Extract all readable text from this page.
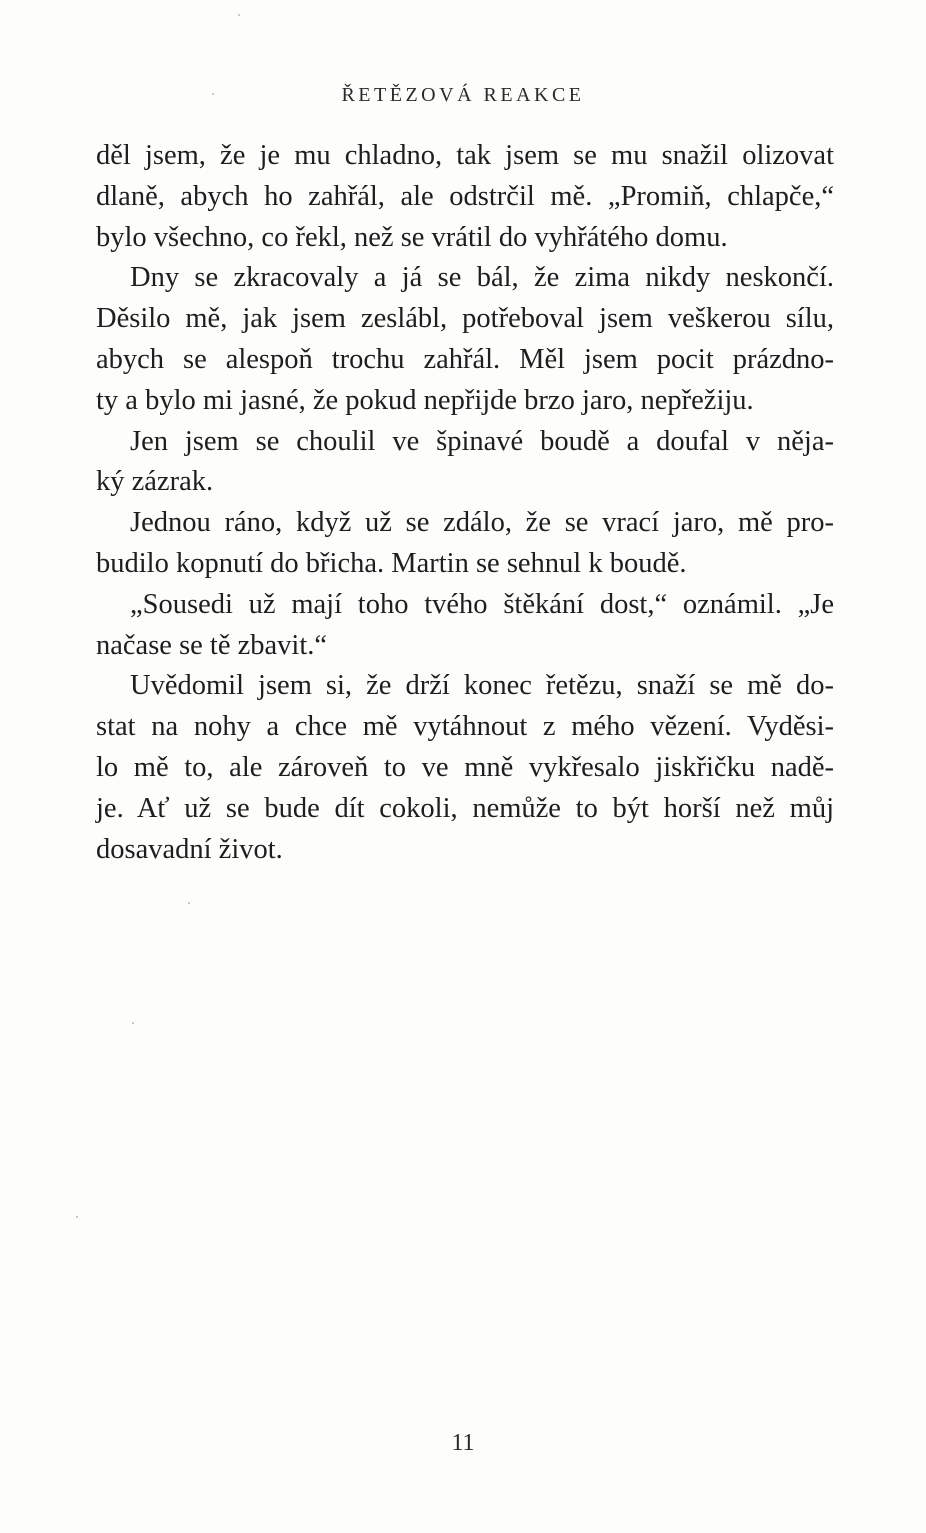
ŘETĚZOVÁ REAKCE
děl jsem, že je mu chladno, tak jsem se mu snažil olizovat
dlaně, abych ho zahřál, ale odstrčil mě. „Promiň, chlapče,“
bylo všechno, co řekl, než se vrátil do vyhřátého domu.
Dny se zkracovaly a já se bál, že zima nikdy neskončí.
Děsilo mě, jak jsem zeslábl, potřeboval jsem veškerou sílu,
abych se alespoň trochu zahřál. Měl jsem pocit prázdno-
ty a bylo mi jasné, že pokud nepřijde brzo jaro, nepřežiju.
Jen jsem se choulil ve špinavé boudě a doufal v něja-
ký zázrak.
Jednou ráno, když už se zdálo, že se vrací jaro, mě pro-
budilo kopnutí do břicha. Martin se sehnul k boudě.
„Sousedi už mají toho tvého štěkání dost,“ oznámil. „Je
načase se tě zbavit.“
Uvědomil jsem si, že drží konec řetězu, snaží se mě do-
stat na nohy a chce mě vytáhnout z mého vězení. Vyděsi-
lo mě to, ale zároveň to ve mně vykřesalo jiskřičku nadě-
je. Ať už se bude dít cokoli, nemůže to být horší než můj
dosavadní život.
11
